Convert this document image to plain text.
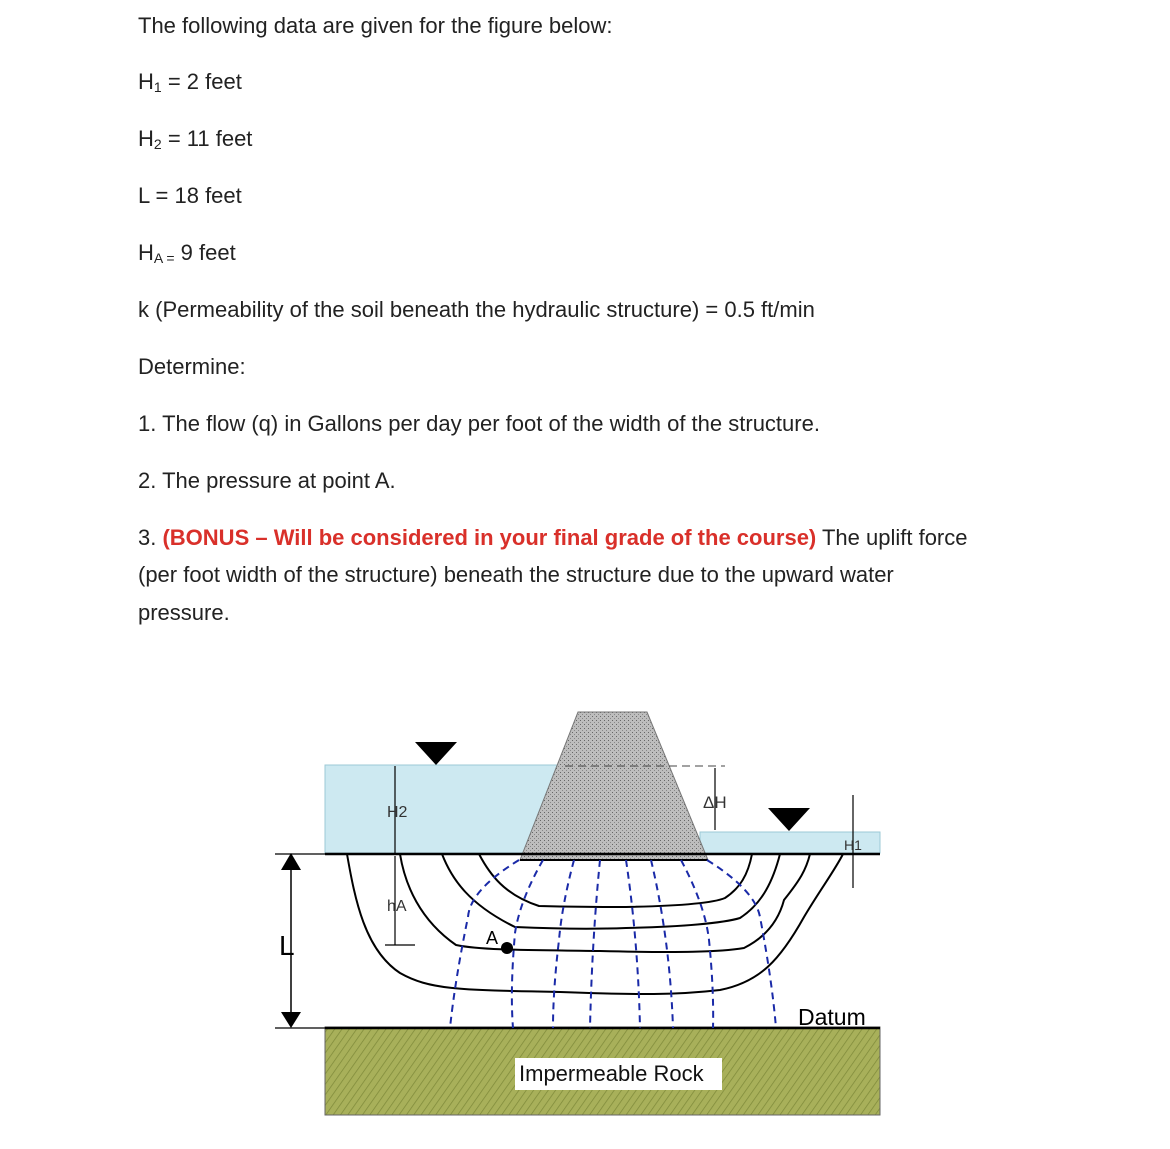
The following data are given for the figure below:
$H_1 = 2$ feet
$H_2 = 11$ feet
L = 18 feet
$H_{A =}$ 9 feet
k (Permeability of the soil beneath the hydraulic structure) = 0.5 ft/min
Determine:
1. The flow (q) in Gallons per day per foot of the width of the structure.
2. The pressure at point A.
3. (BONUS – Will be considered in your final grade of the course) The uplift force
(per foot width of the structure) beneath the structure due to the upward water
pressure.
H2
hA
ΔH
H1
L	A
Datum
Impermeable Rock
